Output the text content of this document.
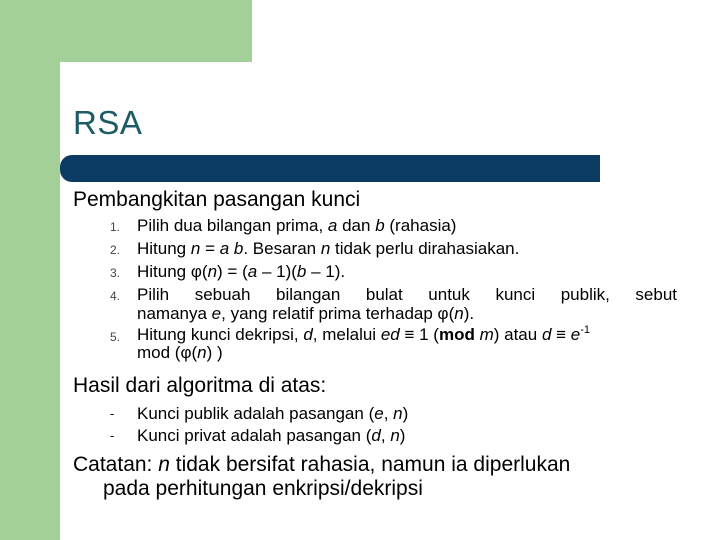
RSA
Pembangkitan pasangan kunci
1. Pilih dua bilangan prima, a dan b (rahasia)
2. Hitung n = a b. Besaran n tidak perlu dirahasiakan.
3. Hitung φ(n) = (a – 1)(b – 1).
4. Pilih sebuah bilangan bulat untuk kunci publik, sebut
namanya e, yang relatif prima terhadap φ(n).
5. Hitung kunci dekripsi, d, melalui ed ≡ 1 (mod m) atau $d \equiv e^{-1}$
mod (φ(n) )
Hasil dari algoritma di atas:
- Kunci publik adalah pasangan (e, n)
- Kunci privat adalah pasangan (d, n)
Catatan: n tidak bersifat rahasia, namun ia diperlukan
pada perhitungan enkripsi/dekripsi
